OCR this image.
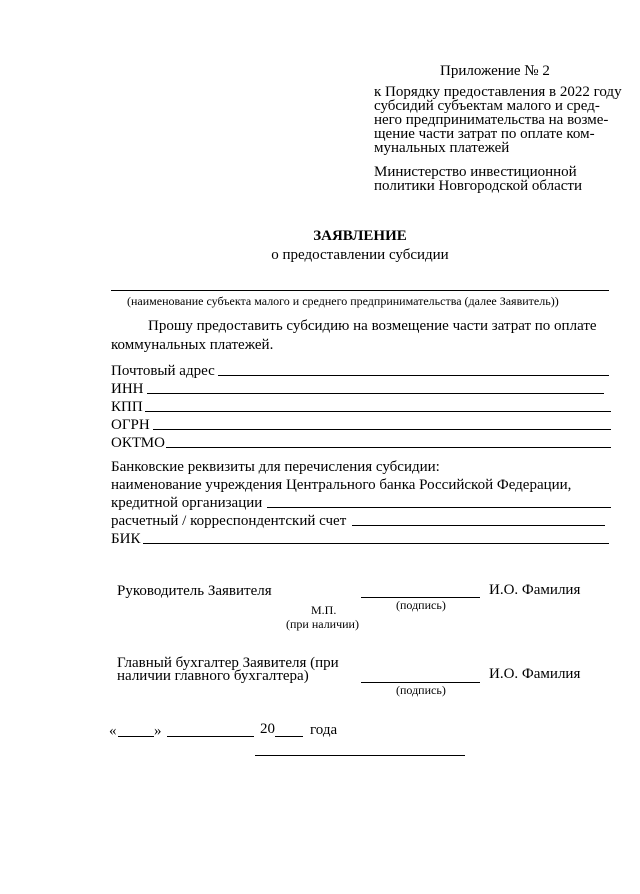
Приложение № 2
к Порядку предоставления в 2022 году
субсидий субъектам малого и сред-
него предпринимательства на возме-
щение части затрат по оплате ком-
мунальных платежей
Министерство инвестиционной
политики Новгородской области
ЗАЯВЛЕНИЕ
о предоставлении субсидии
(наименование субъекта малого и среднего предпринимательства (далее Заявитель))
Прошу предоставить субсидию на возмещение части затрат по оплате
коммунальных платежей.
Почтовый адрес
ИНН
КПП
ОГРН
ОКТМО
Банковские реквизиты для перечисления субсидии:
наименование учреждения Центрального банка Российской Федерации,
кредитной организации
расчетный / корреспондентский счет
БИК
Руководитель Заявителя	И.О. Фамилия
(подпись)
М.П.
(при наличии)
Главный бухгалтер Заявителя (при
наличии главного бухгалтера)	И.О. Фамилия
(подпись)
«	»	20 года
